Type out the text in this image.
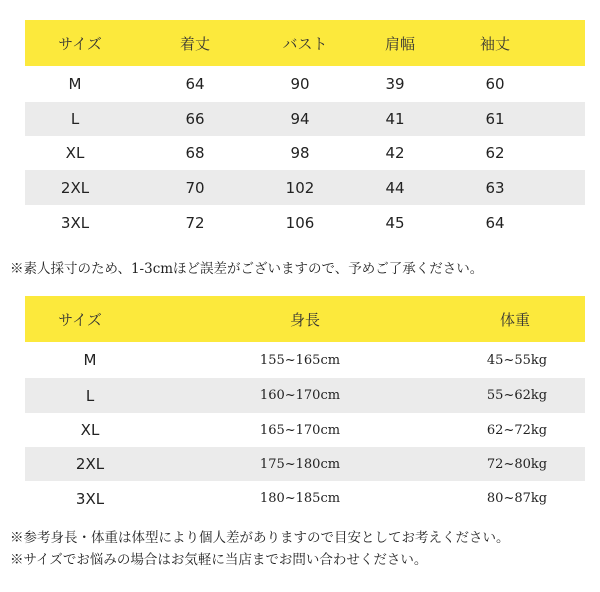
サイズ	着丈	バスト	肩幅	袖丈
M	64	90	39	60
L	66	94	41	61
XL	68	98	42	62
2XL	70	102	44	63
3XL	72	106	45	64
※素人採寸のため、1-3cmほど誤差がございますので、予めご了承ください。
サイズ	身長	体重
M	155~165cm	45~55kg
L	160~170cm	55~62kg
XL	165~170cm	62~72kg
2XL	175~180cm	72~80kg
3XL	180~185cm	80~87kg
※参考身長・体重は体型により個人差がありますので目安としてお考えください。
※サイズでお悩みの場合はお気軽に当店までお問い合わせください。
